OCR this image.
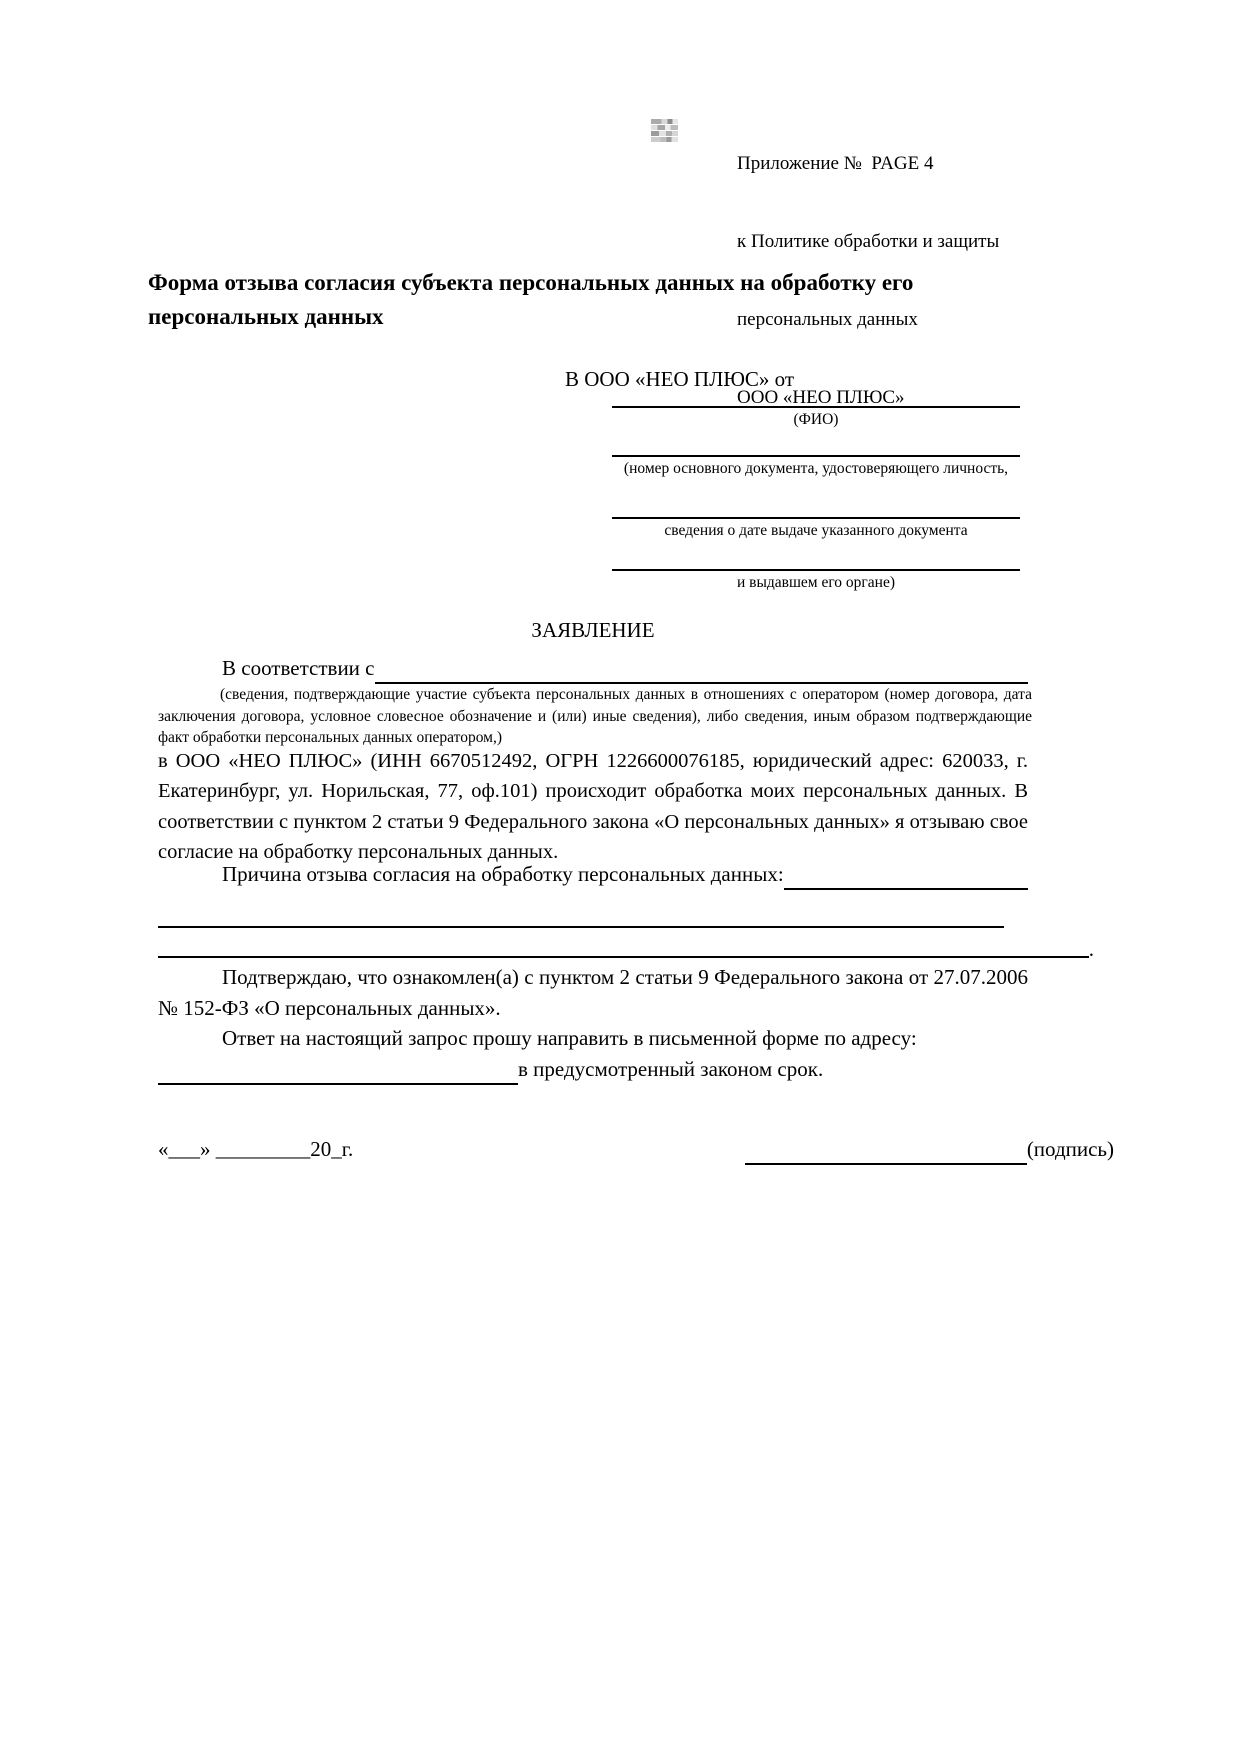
Приложение №  PAGE 4

к Политике обработки и защиты

персональных данных

ООО «НЕО ПЛЮС»

Форма отзыва согласия субъекта персональных данных на обработку его персональных данных
В ООО «НЕО ПЛЮС» от
(ФИО)
(номер основного документа, удостоверяющего личность,
сведения о дате выдаче указанного документа
и выдавшем его органе)
ЗАЯВЛЕНИЕ
В соответствии с
(сведения, подтверждающие участие субъекта персональных данных в отношениях с оператором (номер договора, дата заключения договора, условное словесное обозначение и (или) иные сведения), либо сведения, иным образом подтверждающие факт обработки персональных данных оператором,)
в ООО «НЕО ПЛЮС» (ИНН 6670512492, ОГРН 1226600076185, юридический адрес: 620033, г. Екатеринбург, ул. Норильская, 77, оф.101) происходит обработка моих персональных данных. В соответствии с пунктом 2 статьи 9 Федерального закона «О персональных данных» я отзываю свое согласие на обработку персональных данных.
Причина отзыва согласия на обработку персональных данных:
.
Подтверждаю, что ознакомлен(а) с пунктом 2 статьи 9 Федерального закона от 27.07.2006 № 152-ФЗ «О персональных данных».
Ответ на настоящий запрос прошу направить в письменной форме по адресу:
в предусмотренный законом срок.
«___» _________20_г.	(подпись)
